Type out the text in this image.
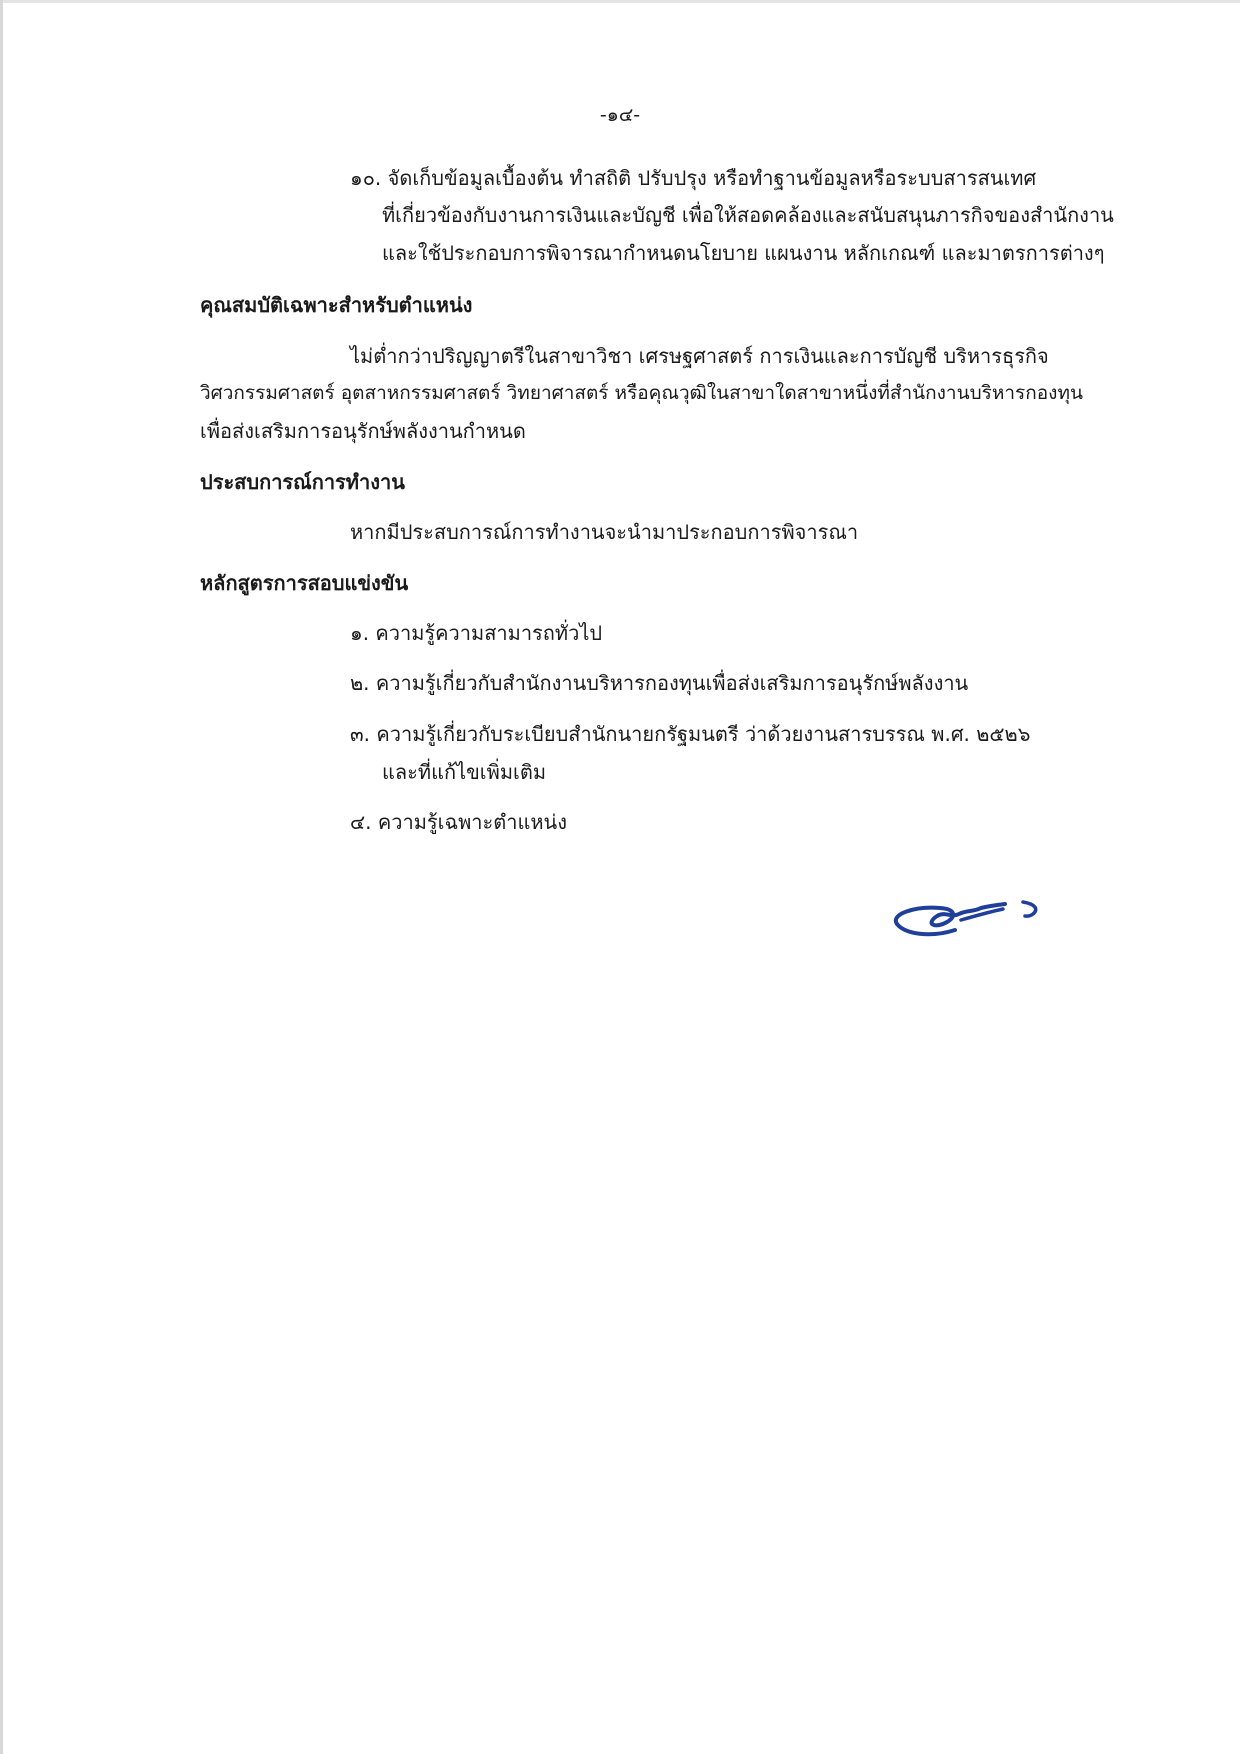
-๑๔-
๑๐. จัดเก็บข้อมูลเบื้องต้น ทำสถิติ ปรับปรุง หรือทำฐานข้อมูลหรือระบบสารสนเทศ
ที่เกี่ยวข้องกับงานการเงินและบัญชี เพื่อให้สอดคล้องและสนับสนุนภารกิจของสำนักงาน
และใช้ประกอบการพิจารณากำหนดนโยบาย แผนงาน หลักเกณฑ์ และมาตรการต่างๆ
คุณสมบัติเฉพาะสำหรับตำแหน่ง
ไม่ต่ำกว่าปริญญาตรีในสาขาวิชา เศรษฐศาสตร์ การเงินและการบัญชี บริหารธุรกิจ
วิศวกรรมศาสตร์ อุตสาหกรรมศาสตร์ วิทยาศาสตร์ หรือคุณวุฒิในสาขาใดสาขาหนึ่งที่สำนักงานบริหารกองทุน
เพื่อส่งเสริมการอนุรักษ์พลังงานกำหนด
ประสบการณ์การทำงาน
หากมีประสบการณ์การทำงานจะนำมาประกอบการพิจารณา
หลักสูตรการสอบแข่งขัน
๑. ความรู้ความสามารถทั่วไป
๒. ความรู้เกี่ยวกับสำนักงานบริหารกองทุนเพื่อส่งเสริมการอนุรักษ์พลังงาน
๓. ความรู้เกี่ยวกับระเบียบสำนักนายกรัฐมนตรี ว่าด้วยงานสารบรรณ พ.ศ. ๒๕๒๖
และที่แก้ไขเพิ่มเติม
๔. ความรู้เฉพาะตำแหน่ง
